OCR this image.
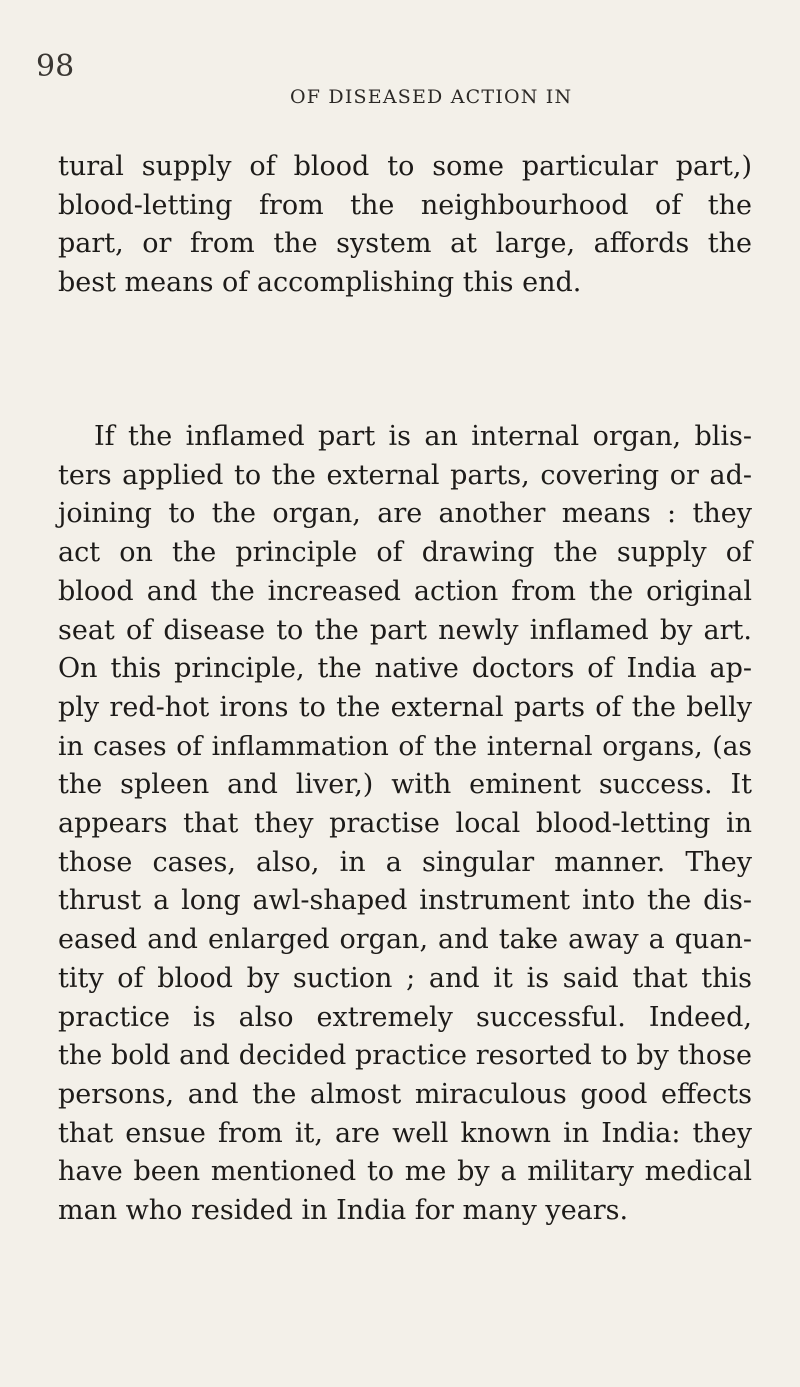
98
OF DISEASED ACTION IN
tural supply of blood to some particular part,)
blood-letting from the neighbourhood of the
part, or from the system at large, affords the
best means of accomplishing this end.
If the inflamed part is an internal organ, blis-
ters applied to the external parts, covering or ad-
joining to the organ, are another means : they
act on the principle of drawing the supply of
blood and the increased action from the original
seat of disease to the part newly inflamed by art.
On this principle, the native doctors of India ap-
ply red-hot irons to the external parts of the belly
in cases of inflammation of the internal organs, (as
the spleen and liver,) with eminent success. It
appears that they practise local blood-letting in
those cases, also, in a singular manner. They
thrust a long awl-shaped instrument into the dis-
eased and enlarged organ, and take away a quan-
tity of blood by suction ; and it is said that this
practice is also extremely successful. Indeed,
the bold and decided practice resorted to by those
persons, and the almost miraculous good effects
that ensue from it, are well known in India: they
have been mentioned to me by a military medical
man who resided in India for many years.
